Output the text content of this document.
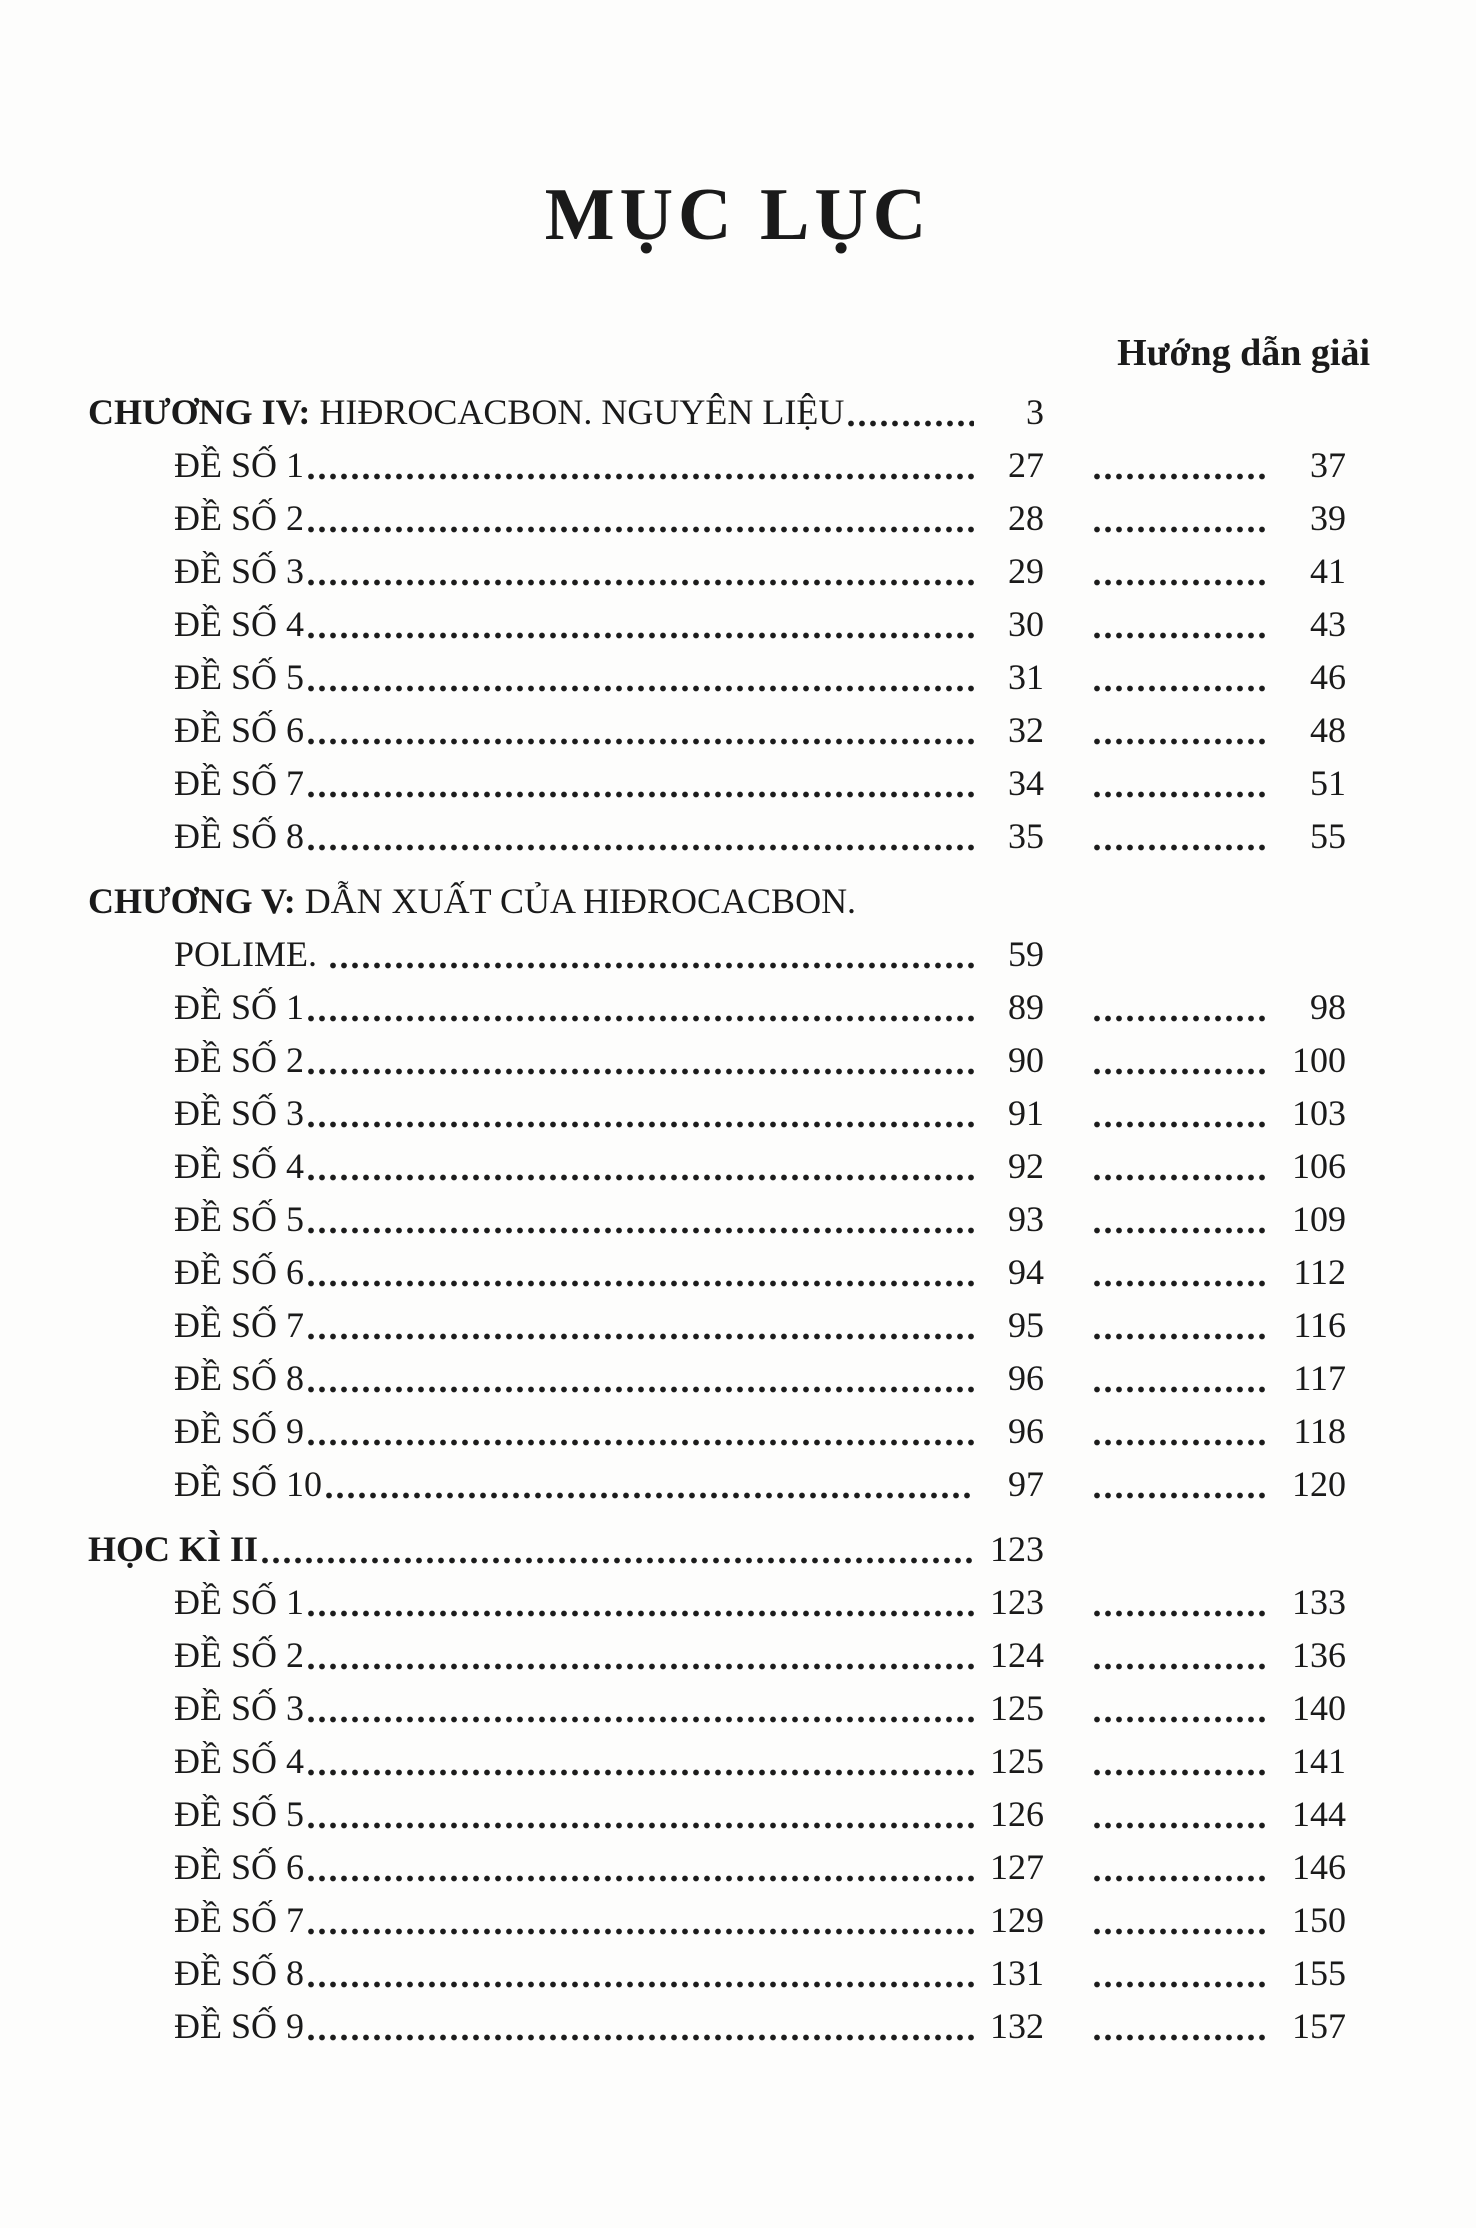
MỤC LỤC
Hướng dẫn giải
CHƯƠNG IV: HIĐROCACBON. NGUYÊN LIỆU	3
ĐỀ SỐ 1	27	37
ĐỀ SỐ 2	28	39
ĐỀ SỐ 3	29	41
ĐỀ SỐ 4	30	43
ĐỀ SỐ 5	31	46
ĐỀ SỐ 6	32	48
ĐỀ SỐ 7	34	51
ĐỀ SỐ 8	35	55
CHƯƠNG V: DẪN XUẤT CỦA HIĐROCACBON.
POLIME.	59
ĐỀ SỐ 1	89	98
ĐỀ SỐ 2	90	100
ĐỀ SỐ 3	91	103
ĐỀ SỐ 4	92	106
ĐỀ SỐ 5	93	109
ĐỀ SỐ 6	94	112
ĐỀ SỐ 7	95	116
ĐỀ SỐ 8	96	117
ĐỀ SỐ 9	96	118
ĐỀ SỐ 10	97	120
HỌC KÌ II	123
ĐỀ SỐ 1	123	133
ĐỀ SỐ 2	124	136
ĐỀ SỐ 3	125	140
ĐỀ SỐ 4	125	141
ĐỀ SỐ 5	126	144
ĐỀ SỐ 6	127	146
ĐỀ SỐ 7	129	150
ĐỀ SỐ 8	131	155
ĐỀ SỐ 9	132	157
